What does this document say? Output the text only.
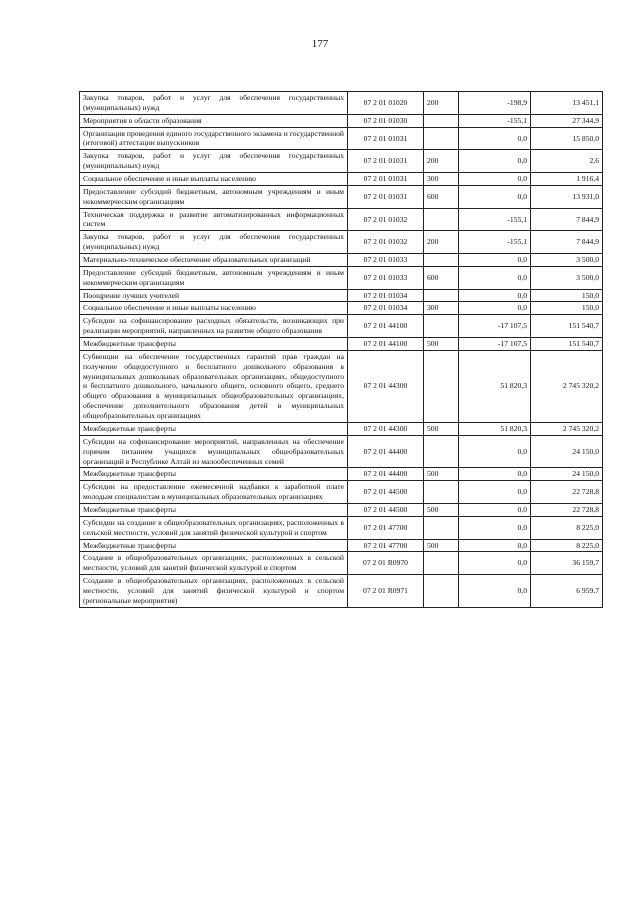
177
Закупка товаров, работ и услуг для обеспечения государственных (муниципальных) нужд	07 2 01 01020	200	-198,9	13 451,1
Мероприятия в области образования	07 2 01 01030		-155,1	27 344,9
Организация проведения единого государственного экзамена и государственной (итоговой) аттестации выпускников	07 2 01 01031		0,0	15 850,0
Закупка товаров, работ и услуг для обеспечения государственных (муниципальных) нужд	07 2 01 01031	200	0,0	2,6
Социальное обеспечение и иные выплаты населению	07 2 01 01031	300	0,0	1 916,4
Предоставление субсидий бюджетным, автономным учреждениям и иным некоммерческим организациям	07 2 01 01031	600	0,0	13 931,0
Техническая поддержка и развитие автоматизированных информационных систем	07 2 01 01032		-155,1	7 844,9
Закупка товаров, работ и услуг для обеспечения государственных (муниципальных) нужд	07 2 01 01032	200	-155,1	7 844,9
Материально-техническое обеспечение образовательных организаций	07 2 01 01033		0,0	3 500,0
Предоставление субсидий бюджетным, автономным учреждениям и иным некоммерческим организациям	07 2 01 01033	600	0,0	3 500,0
Поощрение лучших учителей	07 2 01 01034		0,0	150,0
Социальное обеспечение и иные выплаты населению	07 2 01 01034	300	0,0	150,0
Субсидии на софинансирование расходных обязательств, возникающих при реализации мероприятий, направленных на развитие общего образования	07 2 01 44100		-17 107,5	151 540,7
Межбюджетные трансферты	07 2 01 44100	500	-17 107,5	151 540,7
Субвенции на обеспечение государственных гарантий прав граждан на получение общедоступного и бесплатного дошкольного образования в муниципальных дошкольных образовательных организациях, общедоступного и бесплатного дошкольного, начального общего, основного общего, среднего общего образования в муниципальных общеобразовательных организациях, обеспечение дополнительного образования детей в муниципальных общеобразовательных организациях	07 2 01 44300		51 820,3	2 745 320,2
Межбюджетные трансферты	07 2 01 44300	500	51 820,3	2 745 320,2
Субсидии на софинансирование мероприятий, направленных на обеспечение горячим питанием учащихся муниципальных общеобразовательных организаций в Республике Алтай из малообеспеченных семей	07 2 01 44400		0,0	24 150,0
Межбюджетные трансферты	07 2 01 44400	500	0,0	24 150,0
Субсидии на предоставление ежемесячной надбавки к заработной плате молодым специалистам в муниципальных образовательных организациях	07 2 01 44500		0,0	22 728,8
Межбюджетные трансферты	07 2 01 44500	500	0,0	22 728,8
Субсидии на создание в общеобразовательных организациях, расположенных в сельской местности, условий для занятий физической культурой и спортом	07 2 01 47700		0,0	8 225,0
Межбюджетные трансферты	07 2 01 47700	500	0,0	8 225,0
Создание в общеобразовательных организациях, расположенных в сельской местности, условий для занятий физической культурой и спортом	07 2 01 R0970		0,0	36 159,7
Создание в общеобразовательных организациях, расположенных в сельской местности, условий для занятий физической культурой и спортом (региональные мероприятия)	07 2 01 R0971		0,0	6 959,7
